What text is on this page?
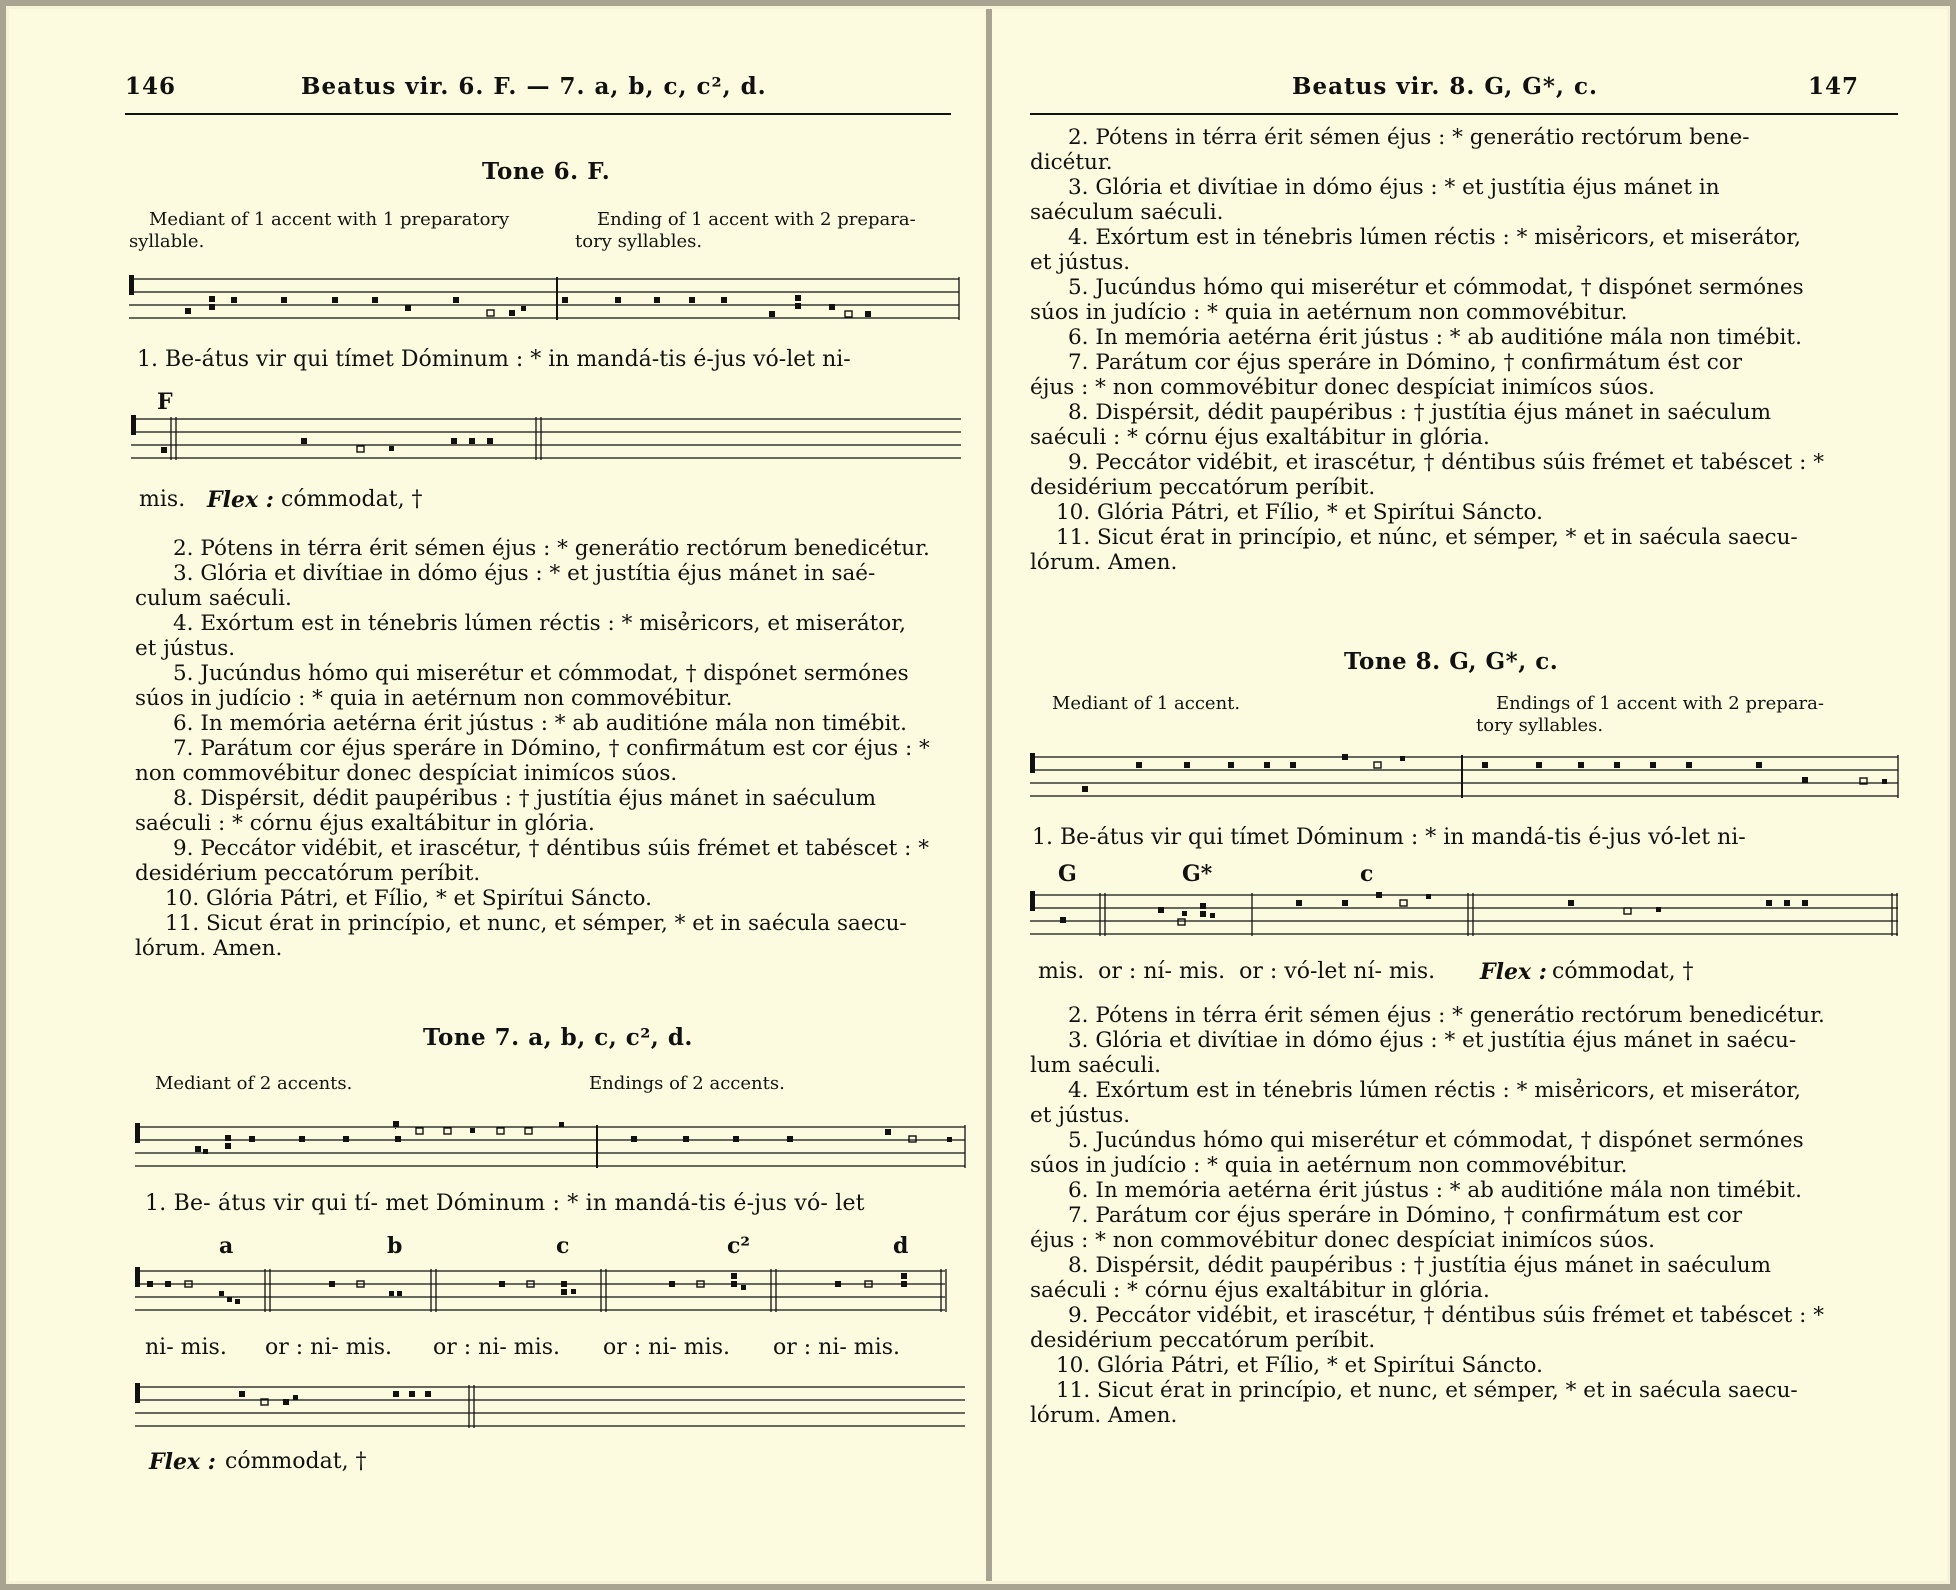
146	Beatus vir. 6. F. — 7. a, b, c, c², d.
Tone 6. F.
Mediant of 1 accent with 1 preparatory
syllable.
Ending of 1 accent with 2 prepara-
tory syllables.
1. Be-átus vir qui tímet Dóminum : * in mandá-tis é-jus vó-let ni-
F
mis. Flex : cómmodat, †

2. Pótens in térra érit sémen éjus : * generátio rectórum benedicétur.

3. Glória et divítiae in dómo éjus : * et justítia éjus mánet in saé-

culum saéculi.

4. Exórtum est in ténebris lúmen réctis : * misẻricors, et miserátor,

et jústus.

5. Jucúndus hómo qui miserétur et cómmodat, † dispónet sermónes

súos in judício : * quia in aetérnum non commovébitur.

6. In memória aetérna érit jústus : * ab auditióne mála non timébit.

7. Parátum cor éjus speráre in Dómino, † confirmátum est cor éjus : *

non commovébitur donec despíciat inimícos súos.

8. Dispérsit, dédit paupéribus : † justítia éjus mánet in saéculum

saéculi : * córnu éjus exaltábitur in glória.

9. Peccátor vidébit, et irascétur, † déntibus súis frémet et tabéscet : *

desidérium peccatórum períbit.

10. Glória Pátri, et Fílio, * et Spirítui Sáncto.

11. Sicut érat in princípio, et nunc, et sémper, * et in saécula saecu-

lórum. Amen.

Tone 7. a, b, c, c², d.
Mediant of 2 accents.	Endings of 2 accents.
1. Be- átus vir qui tí- met Dóminum : * in mandá-tis é-jus vó- let
a	b	c	c²	d
ni- mis. or : ni- mis. or : ni- mis. or : ni- mis. or : ni- mis.
Flex : cómmodat, †
Beatus vir. 8. G, G*, c.	147

2. Pótens in térra érit sémen éjus : * generátio rectórum bene-

dicétur.

3. Glória et divítiae in dómo éjus : * et justítia éjus mánet in

saéculum saéculi.

4. Exórtum est in ténebris lúmen réctis : * misẻricors, et miserátor,

et jústus.

5. Jucúndus hómo qui miserétur et cómmodat, † dispónet sermónes

súos in judício : * quia in aetérnum non commovébitur.

6. In memória aetérna érit jústus : * ab auditióne mála non timébit.

7. Parátum cor éjus speráre in Dómino, † confirmátum ést cor

éjus : * non commovébitur donec despíciat inimícos súos.

8. Dispérsit, dédit paupéribus : † justítia éjus mánet in saéculum

saéculi : * córnu éjus exaltábitur in glória.

9. Peccátor vidébit, et irascétur, † déntibus súis frémet et tabéscet : *

desidérium peccatórum períbit.

10. Glória Pátri, et Fílio, * et Spirítui Sáncto.

11. Sicut érat in princípio, et núnc, et sémper, * et in saécula saecu-

lórum. Amen.

Tone 8. G, G*, c.
Mediant of 1 accent.	Endings of 1 accent with 2 prepara-
tory syllables.
1. Be-átus vir qui tímet Dóminum : * in mandá-tis é-jus vó-let ni-
G	G*	c
mis.  or : ní- mis.  or : vó-let ní- mis. Flex : cómmodat, †

2. Pótens in térra érit sémen éjus : * generátio rectórum benedicétur.

3. Glória et divítiae in dómo éjus : * et justítia éjus mánet in saécu-

lum saéculi.

4. Exórtum est in ténebris lúmen réctis : * misẻricors, et miserátor,

et jústus.

5. Jucúndus hómo qui miserétur et cómmodat, † dispónet sermónes

súos in judício : * quia in aetérnum non commovébitur.

6. In memória aetérna érit jústus : * ab auditióne mála non timébit.

7. Parátum cor éjus speráre in Dómino, † confirmátum est cor

éjus : * non commovébitur donec despíciat inimícos súos.

8. Dispérsit, dédit paupéribus : † justítia éjus mánet in saéculum

saéculi : * córnu éjus exaltábitur in glória.

9. Peccátor vidébit, et irascétur, † déntibus súis frémet et tabéscet : *

desidérium peccatórum períbit.

10. Glória Pátri, et Fílio, * et Spirítui Sáncto.

11. Sicut érat in princípio, et nunc, et sémper, * et in saécula saecu-

lórum. Amen.
